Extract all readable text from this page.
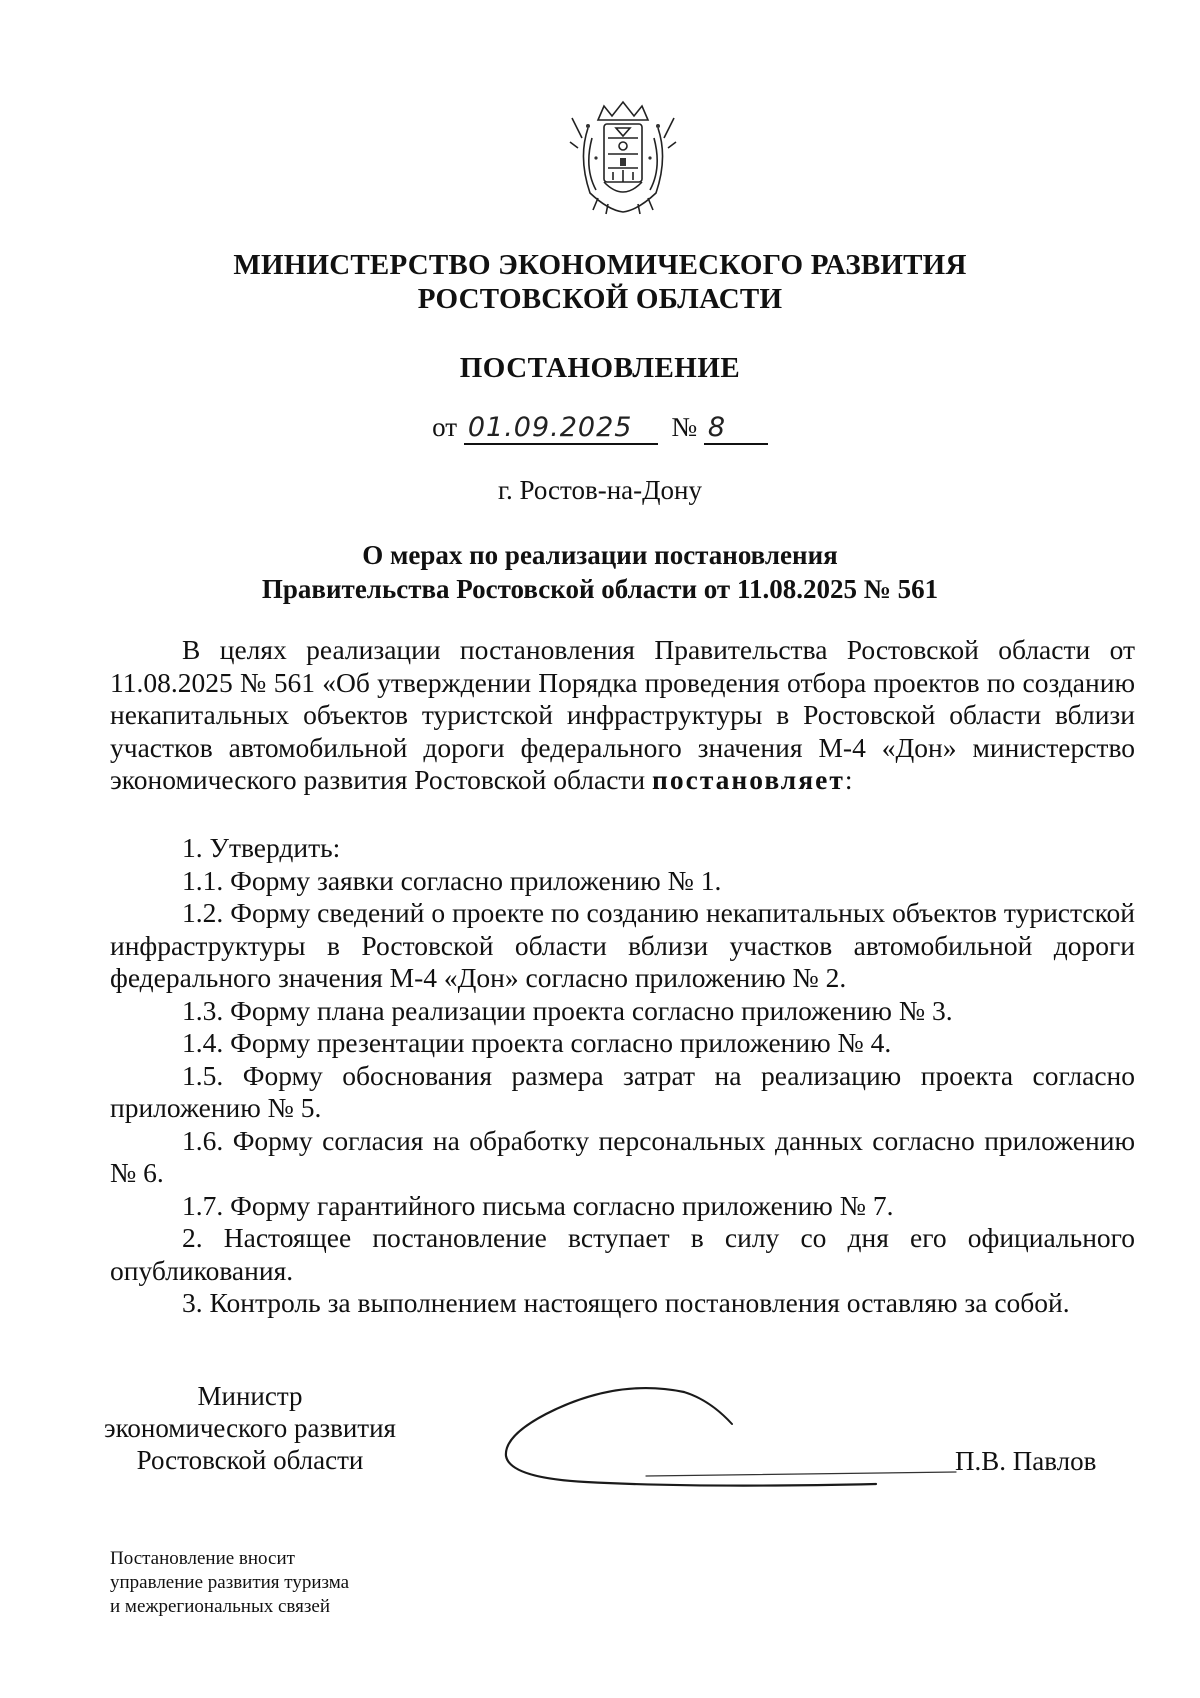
МИНИСТЕРСТВО ЭКОНОМИЧЕСКОГО РАЗВИТИЯ
РОСТОВСКОЙ ОБЛАСТИ
ПОСТАНОВЛЕНИЕ
от 01.09.2025 № 8
г. Ростов-на-Дону
О мерах по реализации постановления
Правительства Ростовской области от 11.08.2025 № 561

В целях реализации постановления Правительства Ростовской области от 11.08.2025 № 561 «Об утверждении Порядка проведения отбора проектов по созданию некапитальных объектов туристской инфраструктуры в Ростовской области вблизи участков автомобильной дороги федерального значения М-4 «Дон» министерство экономического развития Ростовской области постановляет:

1. Утвердить:

1.1. Форму заявки согласно приложению № 1.

1.2. Форму сведений о проекте по созданию некапитальных объектов туристской инфраструктуры в Ростовской области вблизи участков автомобильной дороги федерального значения М-4 «Дон» согласно приложению № 2.

1.3. Форму плана реализации проекта согласно приложению № 3.

1.4. Форму презентации проекта согласно приложению № 4.

1.5. Форму обоснования размера затрат на реализацию проекта согласно приложению № 5.

1.6. Форму согласия на обработку персональных данных согласно приложению № 6.

1.7. Форму гарантийного письма согласно приложению № 7.

2. Настоящее постановление вступает в силу со дня его официального опубликования.

3. Контроль за выполнением настоящего постановления оставляю за собой.

Министр
экономического развития
Ростовской области	П.В. Павлов
Постановление вносит
управление развития туризма
и межрегиональных связей
